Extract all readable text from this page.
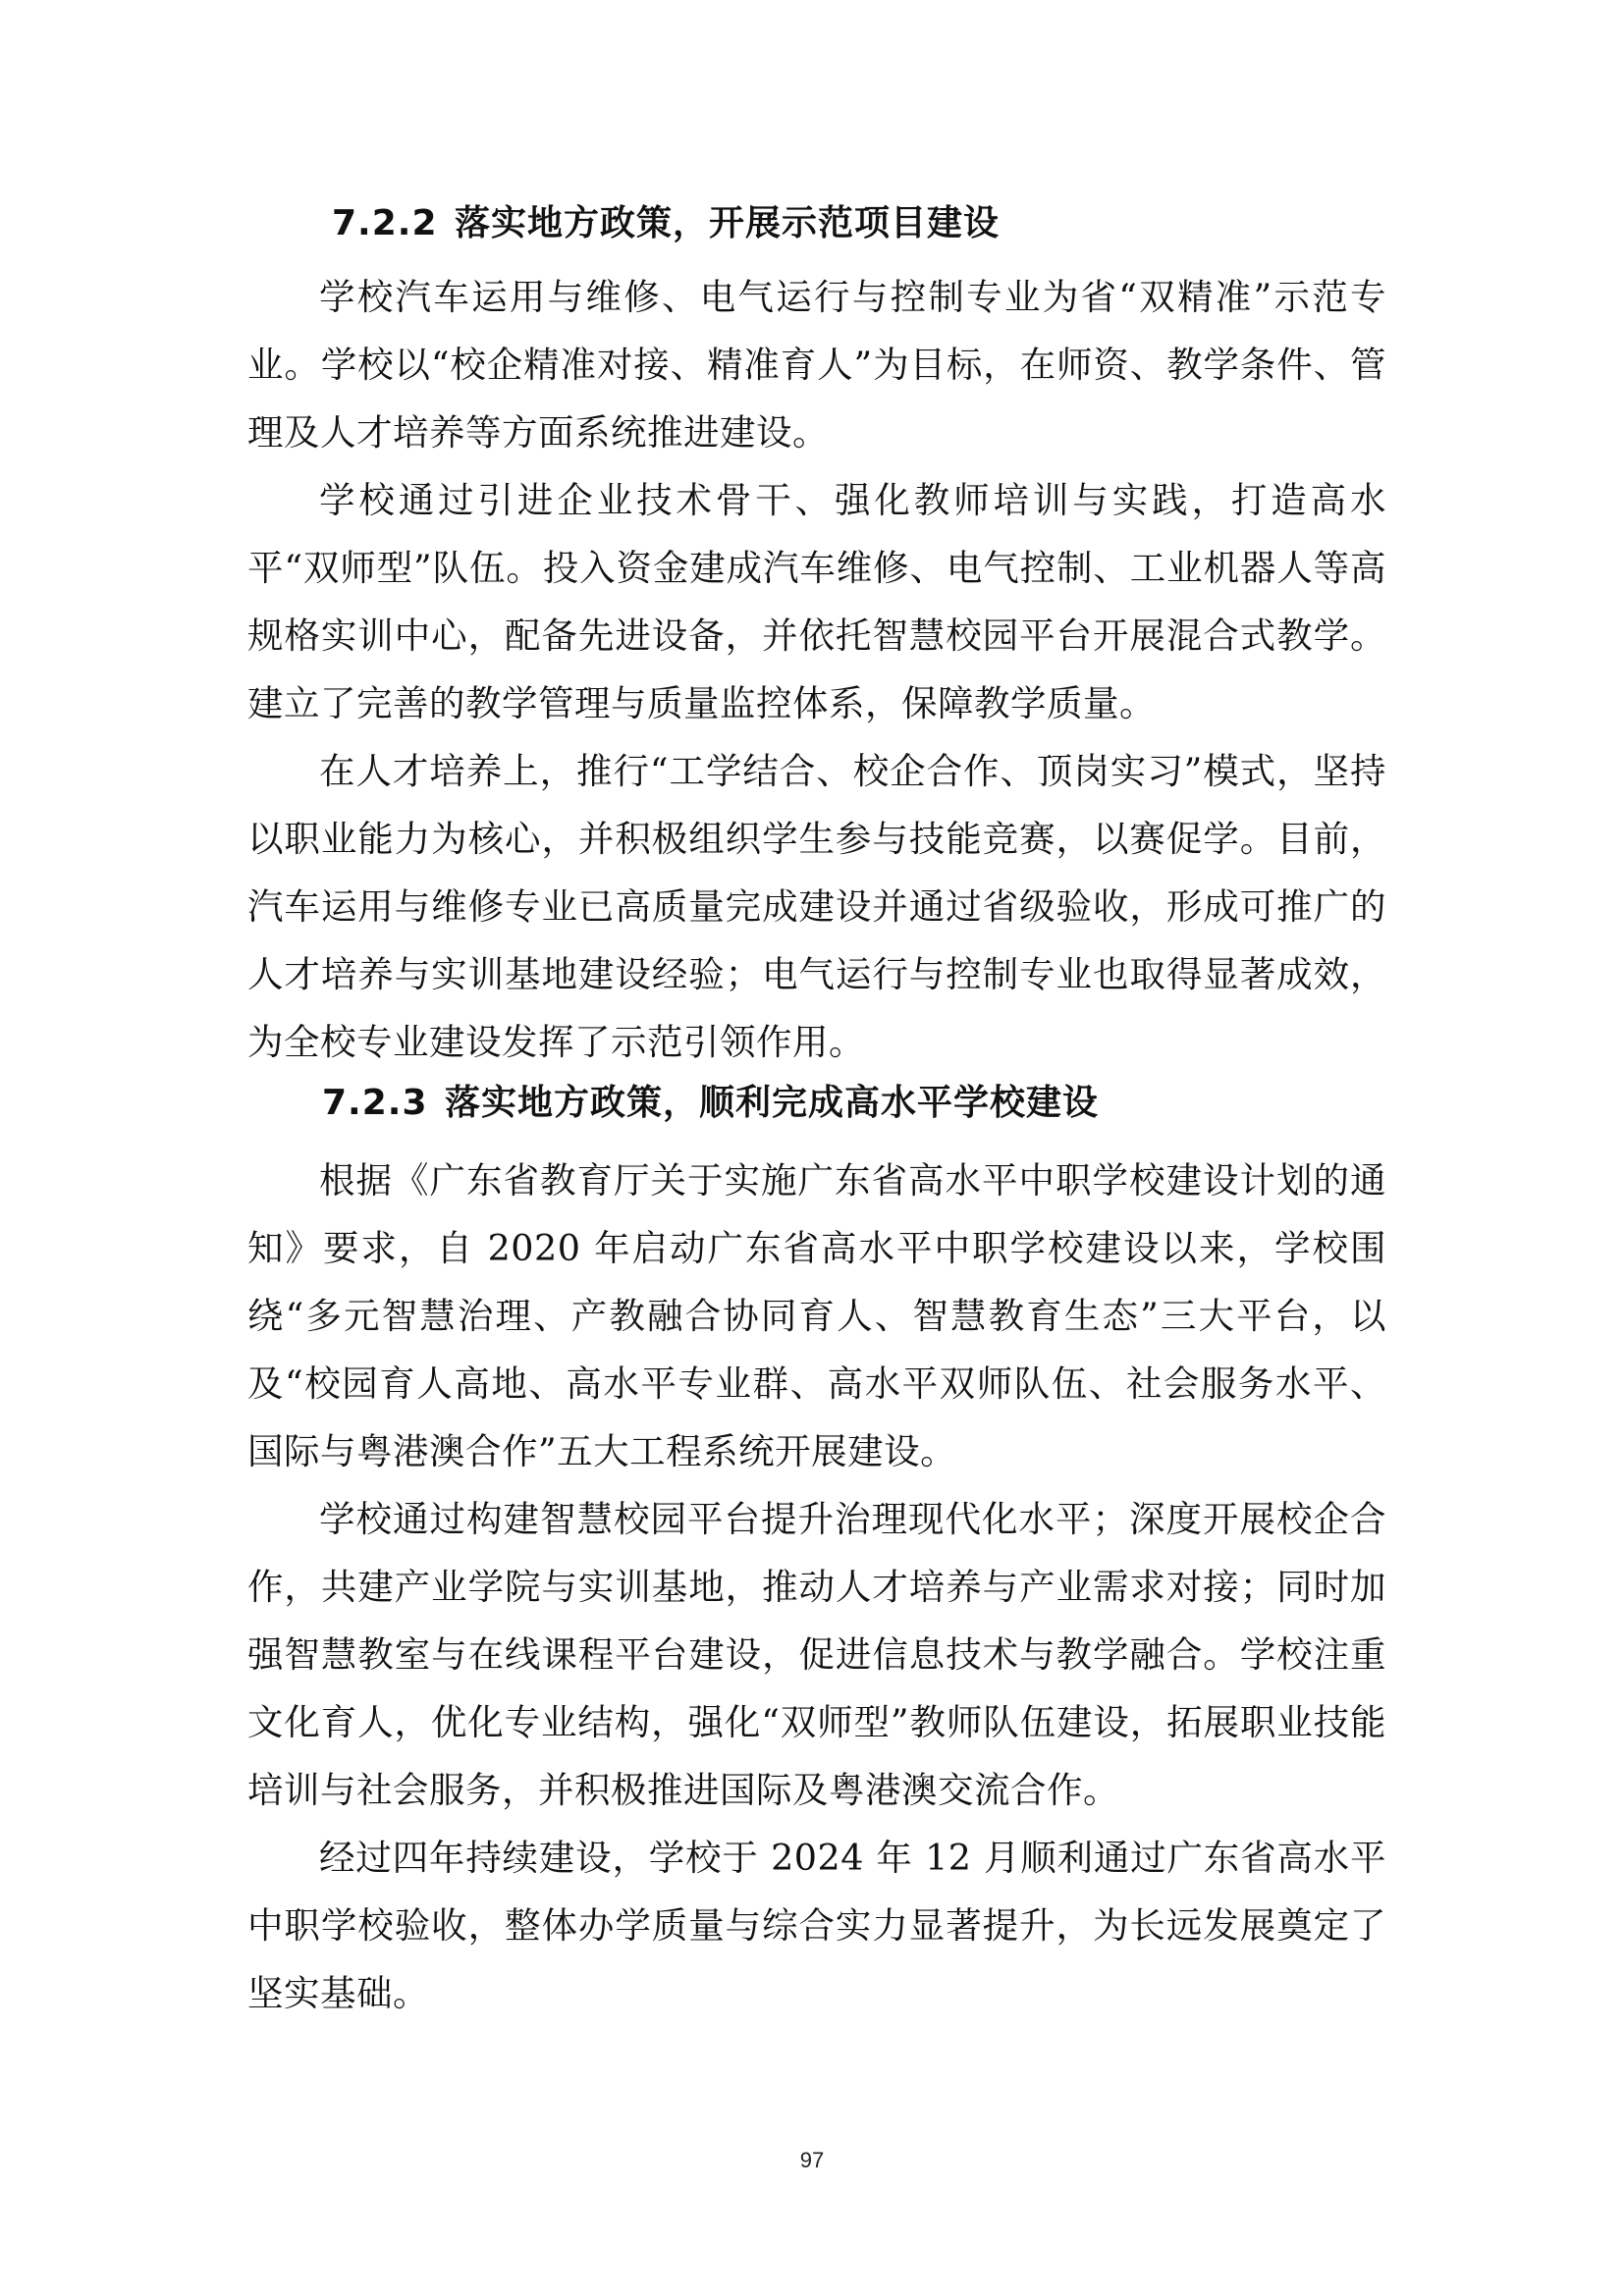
7.2.2 落实地方政策，开展示范项目建设

学校汽车运用与维修、电气运行与控制专业为省“双精准”示范专业。学校以“校企精准对接、精准育人”为目标，在师资、教学条件、管理及人才培养等方面系统推进建设。

学校通过引进企业技术骨干、强化教师培训与实践，打造高水平“双师型”队伍。投入资金建成汽车维修、电气控制、工业机器人等高规格实训中心，配备先进设备，并依托智慧校园平台开展混合式教学。建立了完善的教学管理与质量监控体系，保障教学质量。

在人才培养上，推行“工学结合、校企合作、顶岗实习”模式，坚持以职业能力为核心，并积极组织学生参与技能竞赛，以赛促学。目前，汽车运用与维修专业已高质量完成建设并通过省级验收，形成可推广的人才培养与实训基地建设经验；电气运行与控制专业也取得显著成效，为全校专业建设发挥了示范引领作用。

7.2.3 落实地方政策，顺利完成高水平学校建设

根据《广东省教育厅关于实施广东省高水平中职学校建设计划的通知》要求，自 2020 年启动广东省高水平中职学校建设以来，学校围绕“多元智慧治理、产教融合协同育人、智慧教育生态”三大平台，以及“校园育人高地、高水平专业群、高水平双师队伍、社会服务水平、国际与粤港澳合作”五大工程系统开展建设。

学校通过构建智慧校园平台提升治理现代化水平；深度开展校企合作，共建产业学院与实训基地，推动人才培养与产业需求对接；同时加强智慧教室与在线课程平台建设，促进信息技术与教学融合。学校注重文化育人，优化专业结构，强化“双师型”教师队伍建设，拓展职业技能培训与社会服务，并积极推进国际及粤港澳交流合作。

经过四年持续建设，学校于 2024 年 12 月顺利通过广东省高水平中职学校验收，整体办学质量与综合实力显著提升，为长远发展奠定了坚实基础。

97
